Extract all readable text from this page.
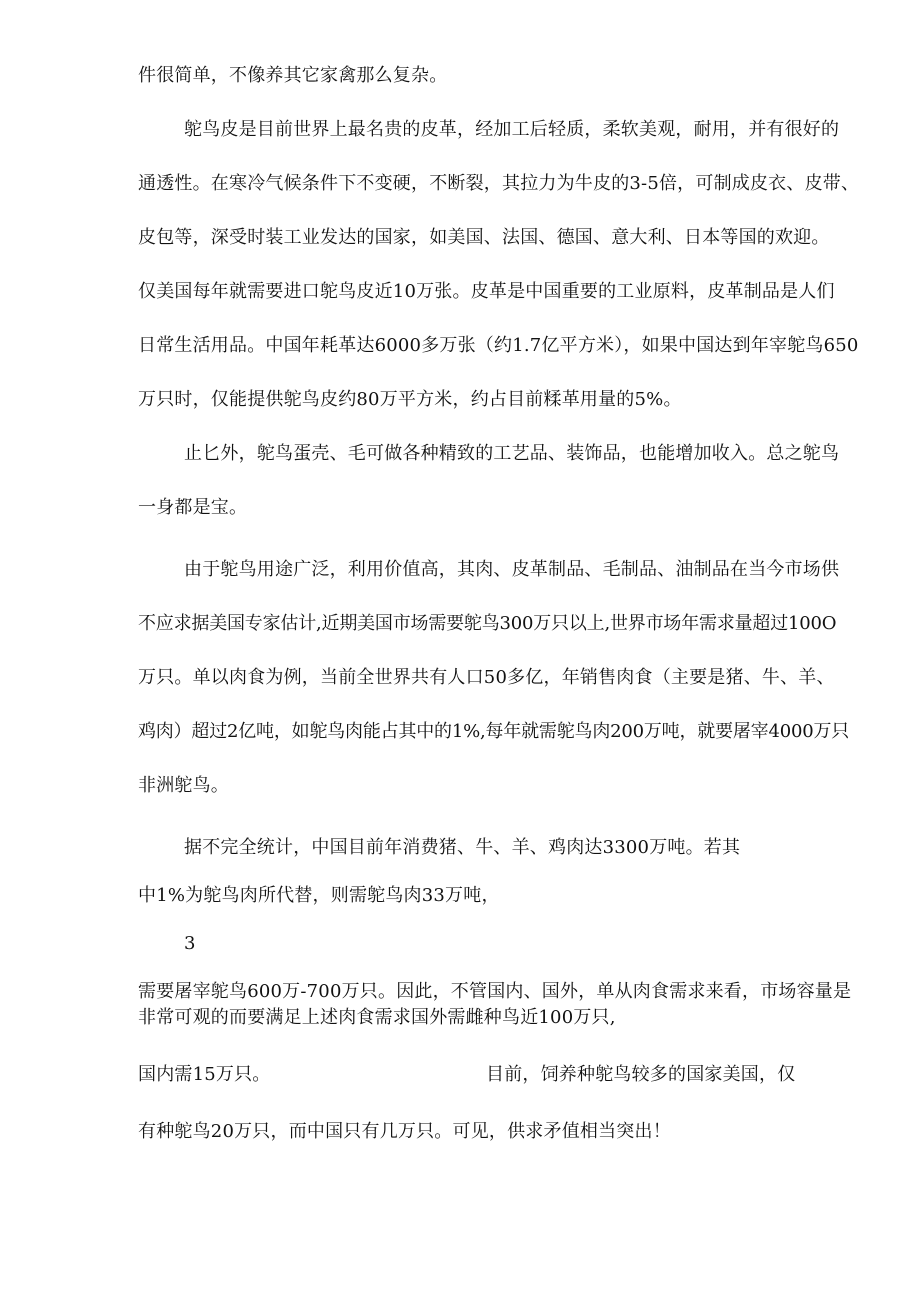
件很简单，不像养其它家禽那么复杂。
鸵鸟皮是目前世界上最名贵的皮革，经加工后轻质，柔软美观，耐用，并有很好的
通透性。在寒冷气候条件下不变硬，不断裂，其拉力为牛皮的3-5倍，可制成皮衣、皮带、
皮包等，深受时装工业发达的国家，如美国、法国、德国、意大利、日本等国的欢迎。
仅美国每年就需要进口鸵鸟皮近10万张。皮革是中国重要的工业原料，皮革制品是人们
日常生活用品。中国年耗革达6000多万张（约1.7亿平方米），如果中国达到年宰鸵鸟650
万只时，仅能提供鸵鸟皮约80万平方米，约占目前糅革用量的5%。
止匕外，鸵鸟蛋壳、毛可做各种精致的工艺品、装饰品，也能增加收入。总之鸵鸟
一身都是宝。
由于鸵鸟用途广泛，利用价值高，其肉、皮革制品、毛制品、油制品在当今市场供
不应求据美国专家估计,近期美国市场需要鸵鸟300万只以上,世界市场年需求量超过100O
万只。单以肉食为例，当前全世界共有人口50多亿，年销售肉食（主要是猪、牛、羊、
鸡肉）超过2亿吨，如鸵鸟肉能占其中的1%,每年就需鸵鸟肉200万吨，就要屠宰4000万只
非洲鸵鸟。
据不完全统计，中国目前年消费猪、牛、羊、鸡肉达3300万吨。若其
中1%为鸵鸟肉所代替，则需鸵鸟肉33万吨，
3
需要屠宰鸵鸟600万-700万只。因此，不管国内、国外，单从肉食需求来看，市场容量是
非常可观的而要满足上述肉食需求国外需雌种鸟近100万只,
国内需15万只。	目前，饲养种鸵鸟较多的国家美国，仅
有种鸵鸟20万只，而中国只有几万只。可见，供求矛值相当突出！
